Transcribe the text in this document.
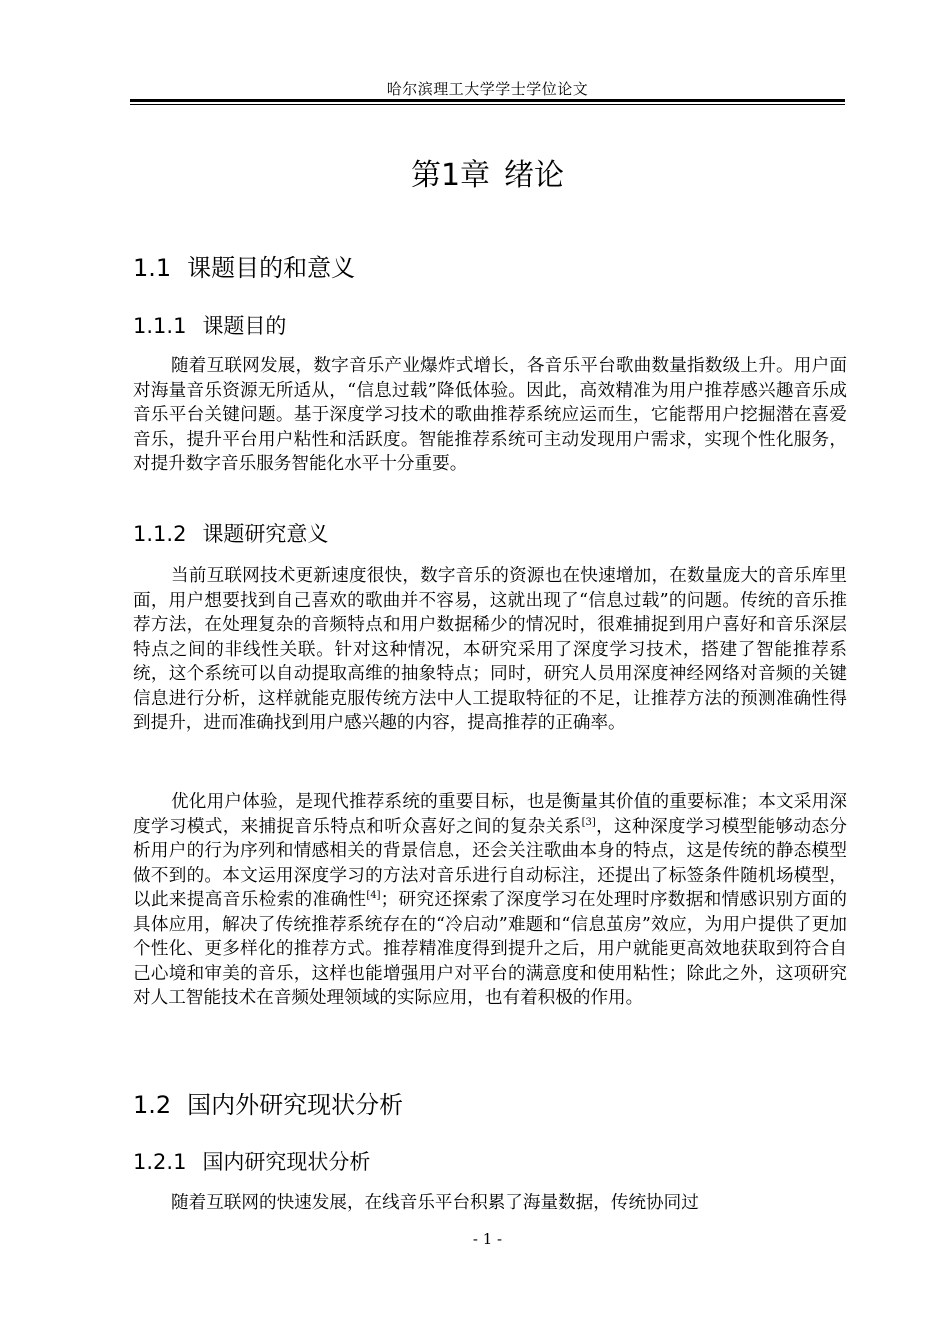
哈尔滨理工大学学士学位论文
第1章 绪论
1.1 课题目的和意义
1.1.1 课题目的

随着互联网发展，数字音乐产业爆炸式增长，各音乐平台歌曲数量指数级上升。用户面对海量音乐资源无所适从，“信息过载”降低体验。因此，高效精准为用户推荐感兴趣音乐成音乐平台关键问题。基于深度学习技术的歌曲推荐系统应运而生，它能帮用户挖掘潜在喜爱音乐，提升平台用户粘性和活跃度。智能推荐系统可主动发现用户需求，实现个性化服务，对提升数字音乐服务智能化水平十分重要。

1.1.2 课题研究意义

当前互联网技术更新速度很快，数字音乐的资源也在快速增加，在数量庞大的音乐库里面，用户想要找到自己喜欢的歌曲并不容易，这就出现了“信息过载”的问题。传统的音乐推荐方法，在处理复杂的音频特点和用户数据稀少的情况时，很难捕捉到用户喜好和音乐深层特点之间的非线性关联。针对这种情况，本研究采用了深度学习技术，搭建了智能推荐系统，这个系统可以自动提取高维的抽象特点；同时，研究人员用深度神经网络对音频的关键信息进行分析，这样就能克服传统方法中人工提取特征的不足，让推荐方法的预测准确性得到提升，进而准确找到用户感兴趣的内容，提高推荐的正确率。

优化用户体验，是现代推荐系统的重要目标，也是衡量其价值的重要标准；本文采用深度学习模式，来捕捉音乐特点和听众喜好之间的复杂关系[3]，这种深度学习模型能够动态分析用户的行为序列和情感相关的背景信息，还会关注歌曲本身的特点，这是传统的静态模型做不到的。本文运用深度学习的方法对音乐进行自动标注，还提出了标签条件随机场模型，以此来提高音乐检索的准确性[4]；研究还探索了深度学习在处理时序数据和情感识别方面的具体应用，解决了传统推荐系统存在的“冷启动”难题和“信息茧房”效应，为用户提供了更加个性化、更多样化的推荐方式。推荐精准度得到提升之后，用户就能更高效地获取到符合自己心境和审美的音乐，这样也能增强用户对平台的满意度和使用粘性；除此之外，这项研究对人工智能技术在音频处理领域的实际应用，也有着积极的作用。

1.2 国内外研究现状分析
1.2.1 国内研究现状分析

随着互联网的快速发展，在线音乐平台积累了海量数据，传统协同过

- 1 -
